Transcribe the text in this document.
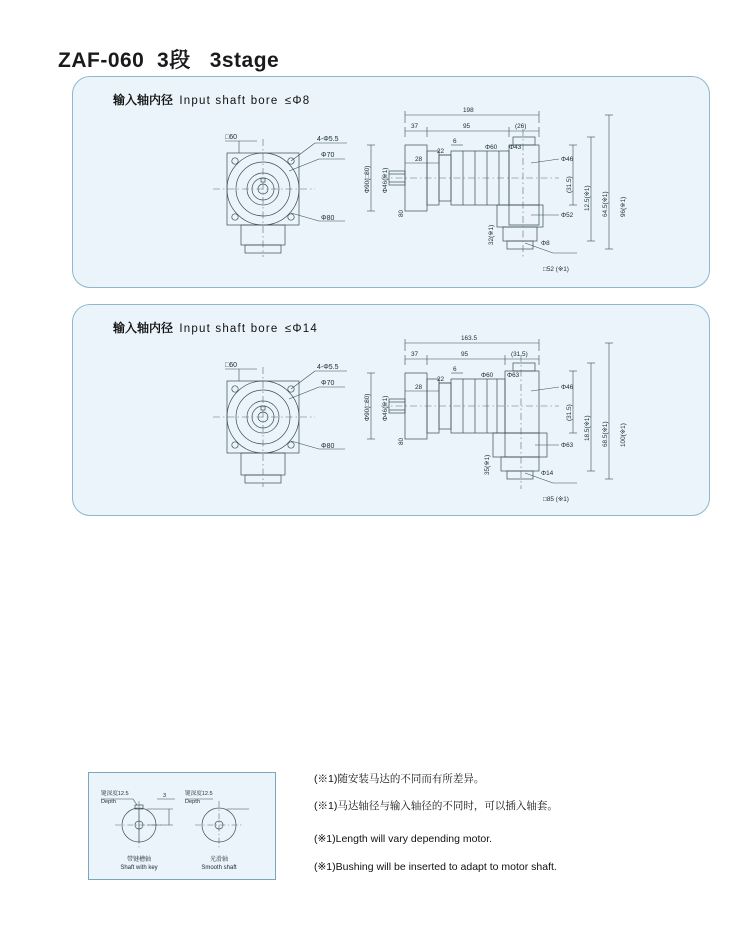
ZAF-060  3段   3stage
输入轴内径 Input shaft bore ≤Φ8
□60	4-Φ5.5
Φ70
Φ80
198
37	95	(26)
6
22
28
Φ60 Φ43
Φ46
Φ52
Φ8
□52 (※1)
Φ90(□80) Φ46(※1)
80
32(※1)
(31.5)
12.5(※1) 64.5(※1) 96(※1)
输入轴内径 Input shaft bore ≤Φ14
□60	4-Φ5.5
Φ70
Φ80
163.5
37	95	(31.5)
6
22
28
Φ60 Φ63
Φ46
Φ63
Φ14
□85 (※1)
Φ90(□80) Φ46(※1)
80
35(※1)
(31.5)
18.5(※1) 68.5(※1) 100(※1)
键深度12.5
Depth
3	键深度12.5
Depth
带键槽轴
Shaft with key
光滑轴
Smooth shaft

(※1)随安装马达的不同而有所差异。

(※1)马达轴径与输入轴径的不同时，可以插入轴套。

(※1)Length will vary depending motor.

(※1)Bushing will be inserted to adapt to motor shaft.
